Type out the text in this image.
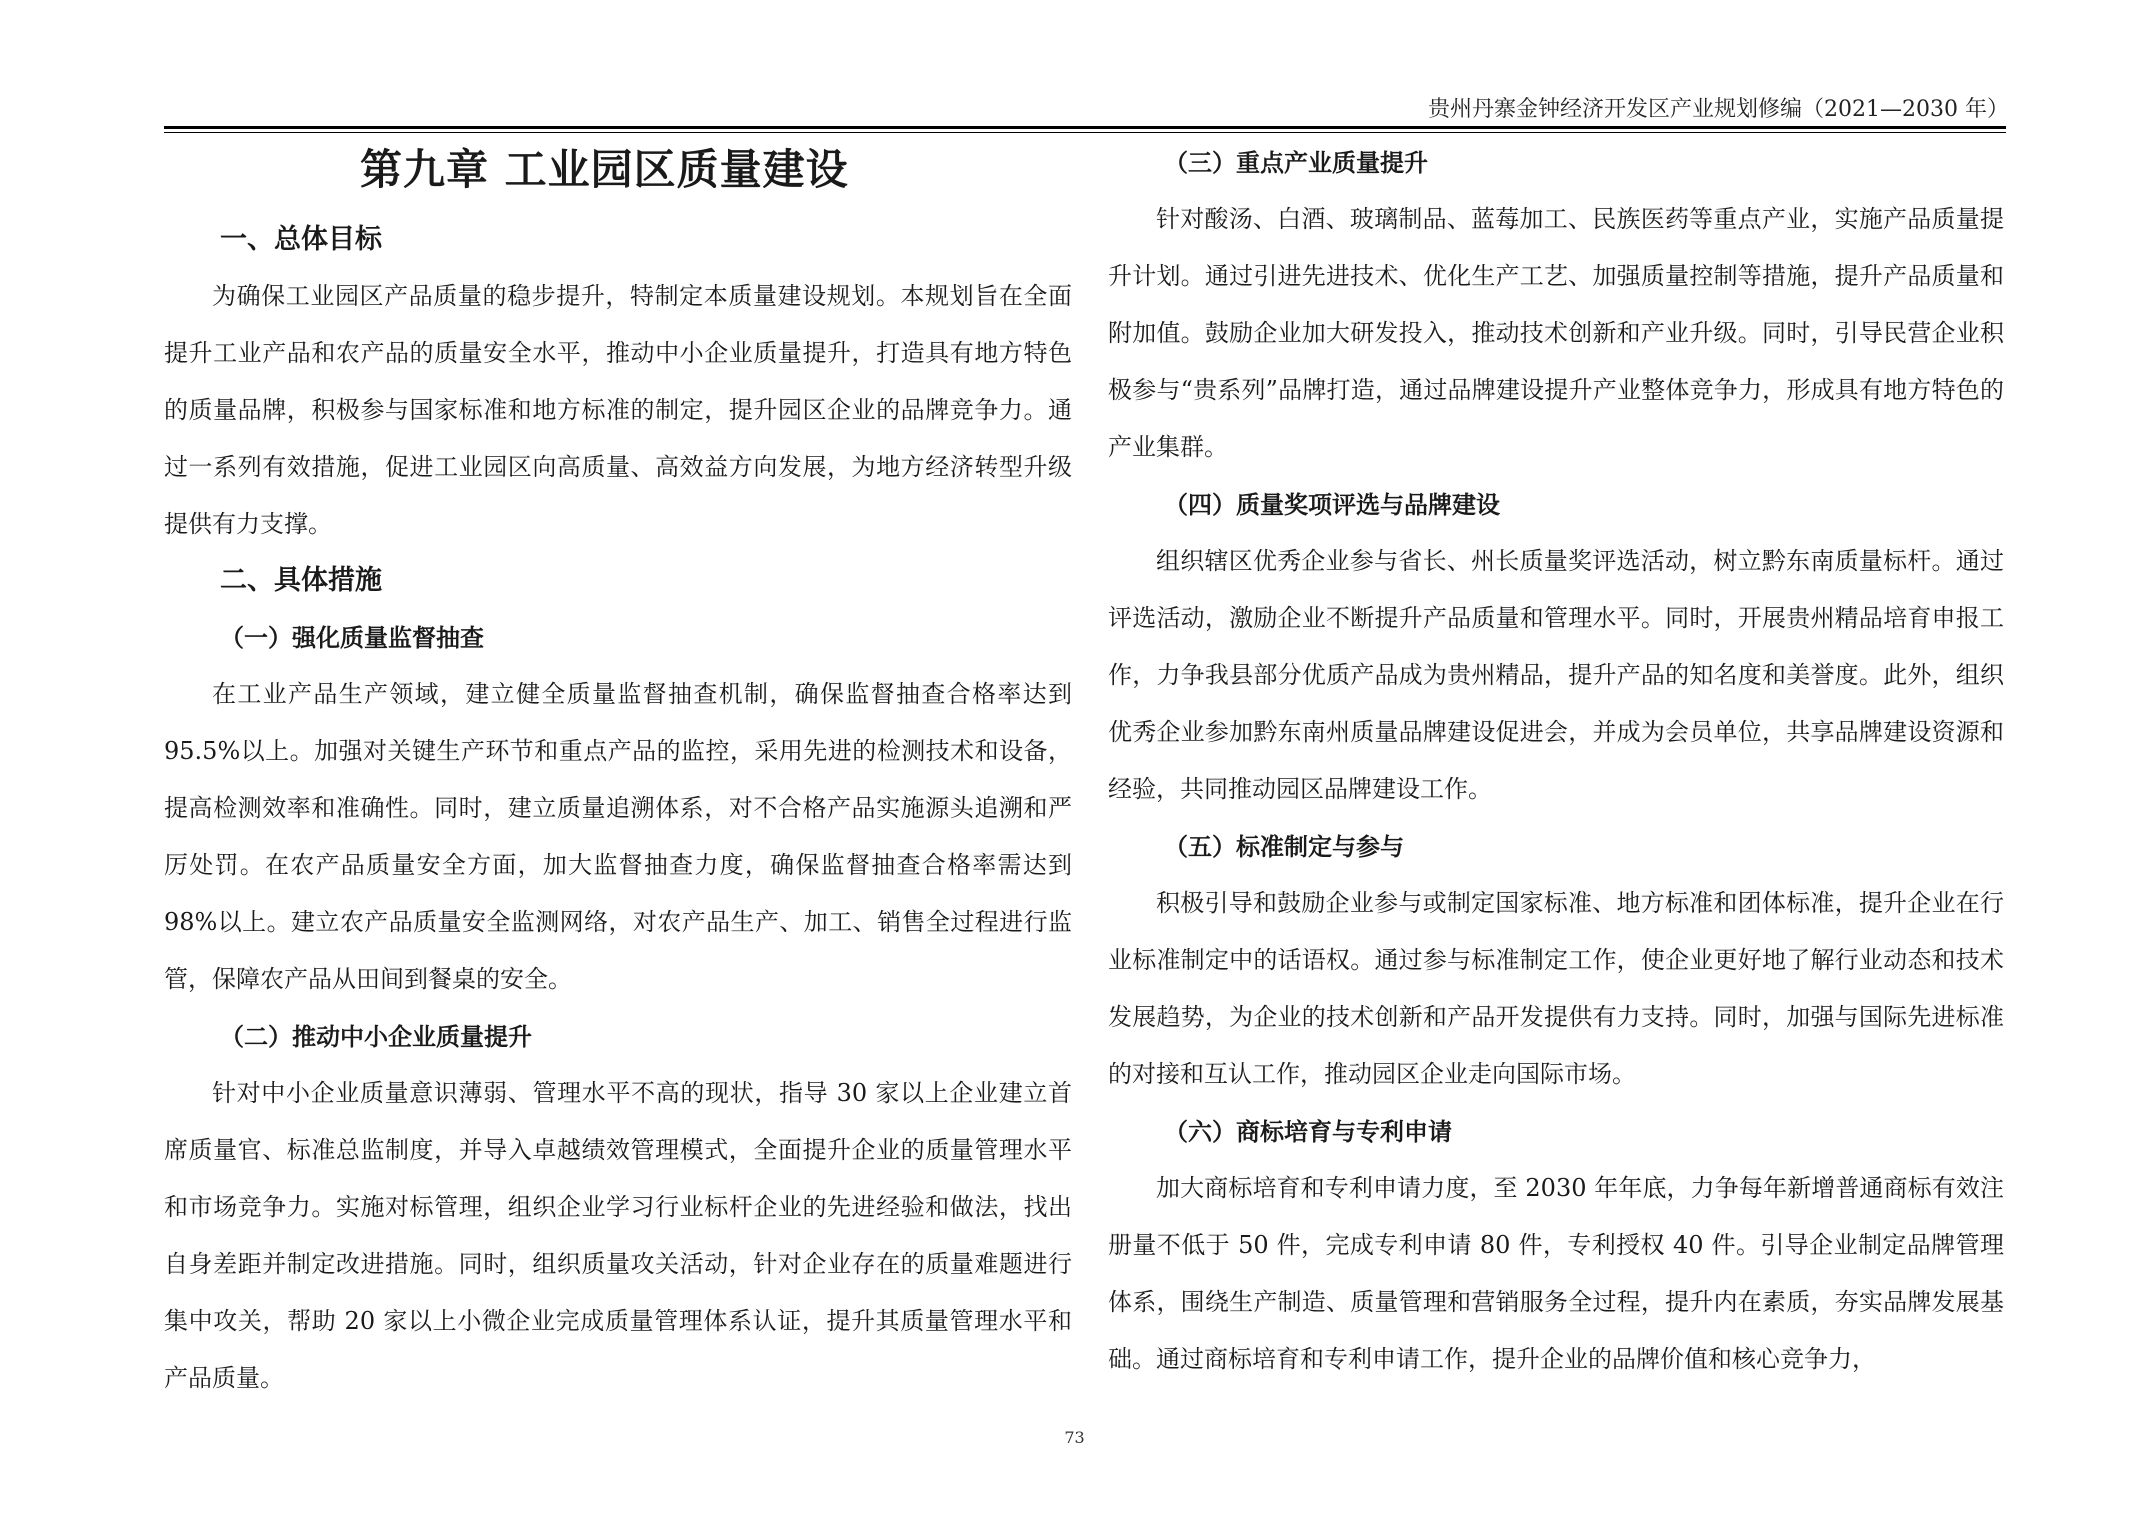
贵州丹寨金钟经济开发区产业规划修编（2021—2030 年）
第九章 工业园区质量建设
一、总体目标

为确保工业园区产品质量的稳步提升，特制定本质量建设规划。本规划旨在全面提升工业产品和农产品的质量安全水平，推动中小企业质量提升，打造具有地方特色的质量品牌，积极参与国家标准和地方标准的制定，提升园区企业的品牌竞争力。通过一系列有效措施，促进工业园区向高质量、高效益方向发展，为地方经济转型升级提供有力支撑。

二、具体措施
（一）强化质量监督抽查

在工业产品生产领域，建立健全质量监督抽查机制，确保监督抽查合格率达到 95.5%以上。加强对关键生产环节和重点产品的监控，采用先进的检测技术和设备，提高检测效率和准确性。同时，建立质量追溯体系，对不合格产品实施源头追溯和严厉处罚。在农产品质量安全方面，加大监督抽查力度，确保监督抽查合格率需达到 98%以上。建立农产品质量安全监测网络，对农产品生产、加工、销售全过程进行监管，保障农产品从田间到餐桌的安全。

（二）推动中小企业质量提升

针对中小企业质量意识薄弱、管理水平不高的现状，指导 30 家以上企业建立首席质量官、标准总监制度，并导入卓越绩效管理模式，全面提升企业的质量管理水平和市场竞争力。实施对标管理，组织企业学习行业标杆企业的先进经验和做法，找出自身差距并制定改进措施。同时，组织质量攻关活动，针对企业存在的质量难题进行集中攻关，帮助 20 家以上小微企业完成质量管理体系认证，提升其质量管理水平和产品质量。

（三）重点产业质量提升

针对酸汤、白酒、玻璃制品、蓝莓加工、民族医药等重点产业，实施产品质量提升计划。通过引进先进技术、优化生产工艺、加强质量控制等措施，提升产品质量和附加值。鼓励企业加大研发投入，推动技术创新和产业升级。同时，引导民营企业积极参与“贵系列”品牌打造，通过品牌建设提升产业整体竞争力，形成具有地方特色的产业集群。

（四）质量奖项评选与品牌建设

组织辖区优秀企业参与省长、州长质量奖评选活动，树立黔东南质量标杆。通过评选活动，激励企业不断提升产品质量和管理水平。同时，开展贵州精品培育申报工作，力争我县部分优质产品成为贵州精品，提升产品的知名度和美誉度。此外，组织优秀企业参加黔东南州质量品牌建设促进会，并成为会员单位，共享品牌建设资源和经验，共同推动园区品牌建设工作。

（五）标准制定与参与

积极引导和鼓励企业参与或制定国家标准、地方标准和团体标准，提升企业在行业标准制定中的话语权。通过参与标准制定工作，使企业更好地了解行业动态和技术发展趋势，为企业的技术创新和产品开发提供有力支持。同时，加强与国际先进标准的对接和互认工作，推动园区企业走向国际市场。

（六）商标培育与专利申请

加大商标培育和专利申请力度，至 2030 年年底，力争每年新增普通商标有效注册量不低于 50 件，完成专利申请 80 件，专利授权 40 件。引导企业制定品牌管理体系，围绕生产制造、质量管理和营销服务全过程，提升内在素质，夯实品牌发展基础。通过商标培育和专利申请工作，提升企业的品牌价值和核心竞争力，

73
